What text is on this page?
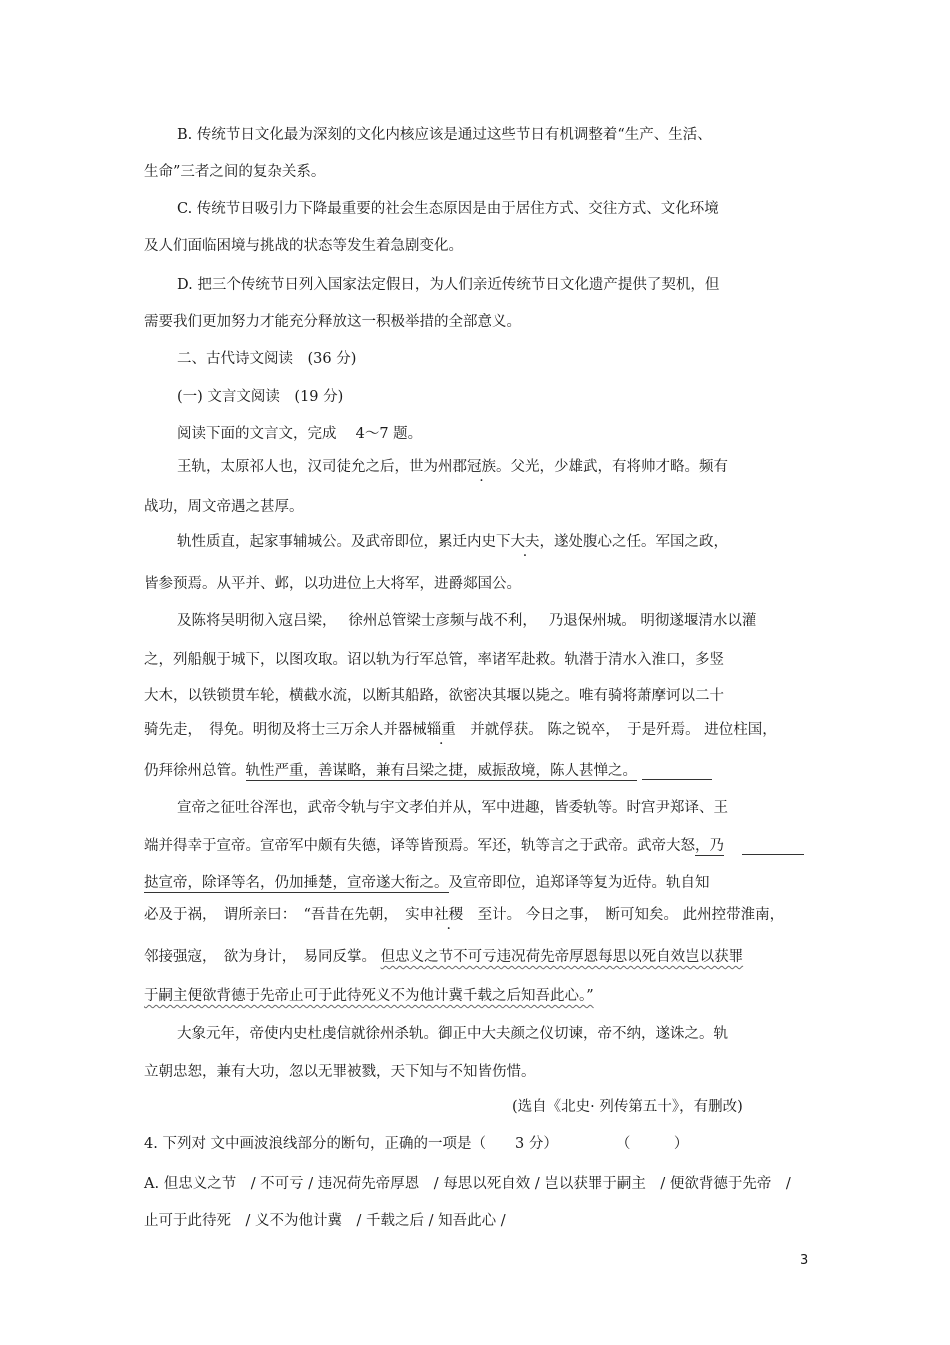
B. 传统节日文化最为深刻的文化内核应该是通过这些节日有机调整着“生产、生活、
生命”三者之间的复杂关系。
C. 传统节日吸引力下降最重要的社会生态原因是由于居住方式、交往方式、文化环境
及人们面临困境与挑战的状态等发生着急剧变化。
D. 把三个传统节日列入国家法定假日，为人们亲近传统节日文化遗产提供了契机，但
需要我们更加努力才能充分释放这一积极举措的全部意义。
二、古代诗文阅读　(36 分)
(一) 文言文阅读　(19 分)
阅读下面的文言文，完成　 4～7 题。
王轨，太原祁人也，汉司徒允之后，世为州郡冠族。父光，少雄武，有将帅才略。频有
战功，周文帝遇之甚厚。
轨性质直，起家事辅城公。及武帝即位，累迁内史下大夫，遂处腹心之任。军国之政，
皆参预焉。从平并、邺，以功进位上大将军，进爵郯国公。
及陈将吴明彻入寇吕梁，　 徐州总管梁士彦频与战不利，　 乃退保州城。 明彻遂堰清水以灌
之，列船舰于城下，以图攻取。诏以轨为行军总管，率诸军赴救。轨潜于清水入淮口，多竖
大木，以铁锁贯车轮，横截水流，以断其船路，欲密决其堰以毙之。唯有骑将萧摩诃以二十
骑先走，　得免。明彻及将士三万余人并器械辎重　并就俘获。 陈之锐卒，　于是歼焉。 进位柱国，
仍拜徐州总管。轨性严重，善谋略，兼有吕梁之捷，威振敌境，陈人甚惮之。
宣帝之征吐谷浑也，武帝令轨与宇文孝伯并从，军中进趣，皆委轨等。时宫尹郑译、王
端并得幸于宣帝。宣帝军中颇有失德，译等皆预焉。军还，轨等言之于武帝。武帝大怒，乃
挞宣帝，除译等名，仍加捶楚，宣帝遂大衔之。及宣帝即位，追郑译等复为近侍。轨自知
必及于祸，　谓所亲曰：　“吾昔在先朝，　实申社稷　至计。 今日之事，　断可知矣。 此州控带淮南，
邻接强寇，　欲为身计，　易同反掌。 但忠义之节不可亏违况荷先帝厚恩每思以死自效岂以获罪
于嗣主便欲背德于先帝止可于此待死义不为他计冀千载之后知吾此心。”
大象元年，帝使内史杜虔信就徐州杀轨。御正中大夫颜之仪切谏，帝不纳，遂诛之。轨
立朝忠恕，兼有大功，忽以无罪被戮，天下知与不知皆伤惜。
(选自《北史· 列传第五十》，有删改)
4. 下列对 文中画波浪线部分的断句，正确的一项是（　　3 分）　　　　　（　　　）
A. 但忠义之节　/ 不可亏 / 违况荷先帝厚恩　/ 每思以死自效 / 岂以获罪于嗣主　/ 便欲背德于先帝　/
止可于此待死　/ 义不为他计冀　/ 千载之后 / 知吾此心 /
3
